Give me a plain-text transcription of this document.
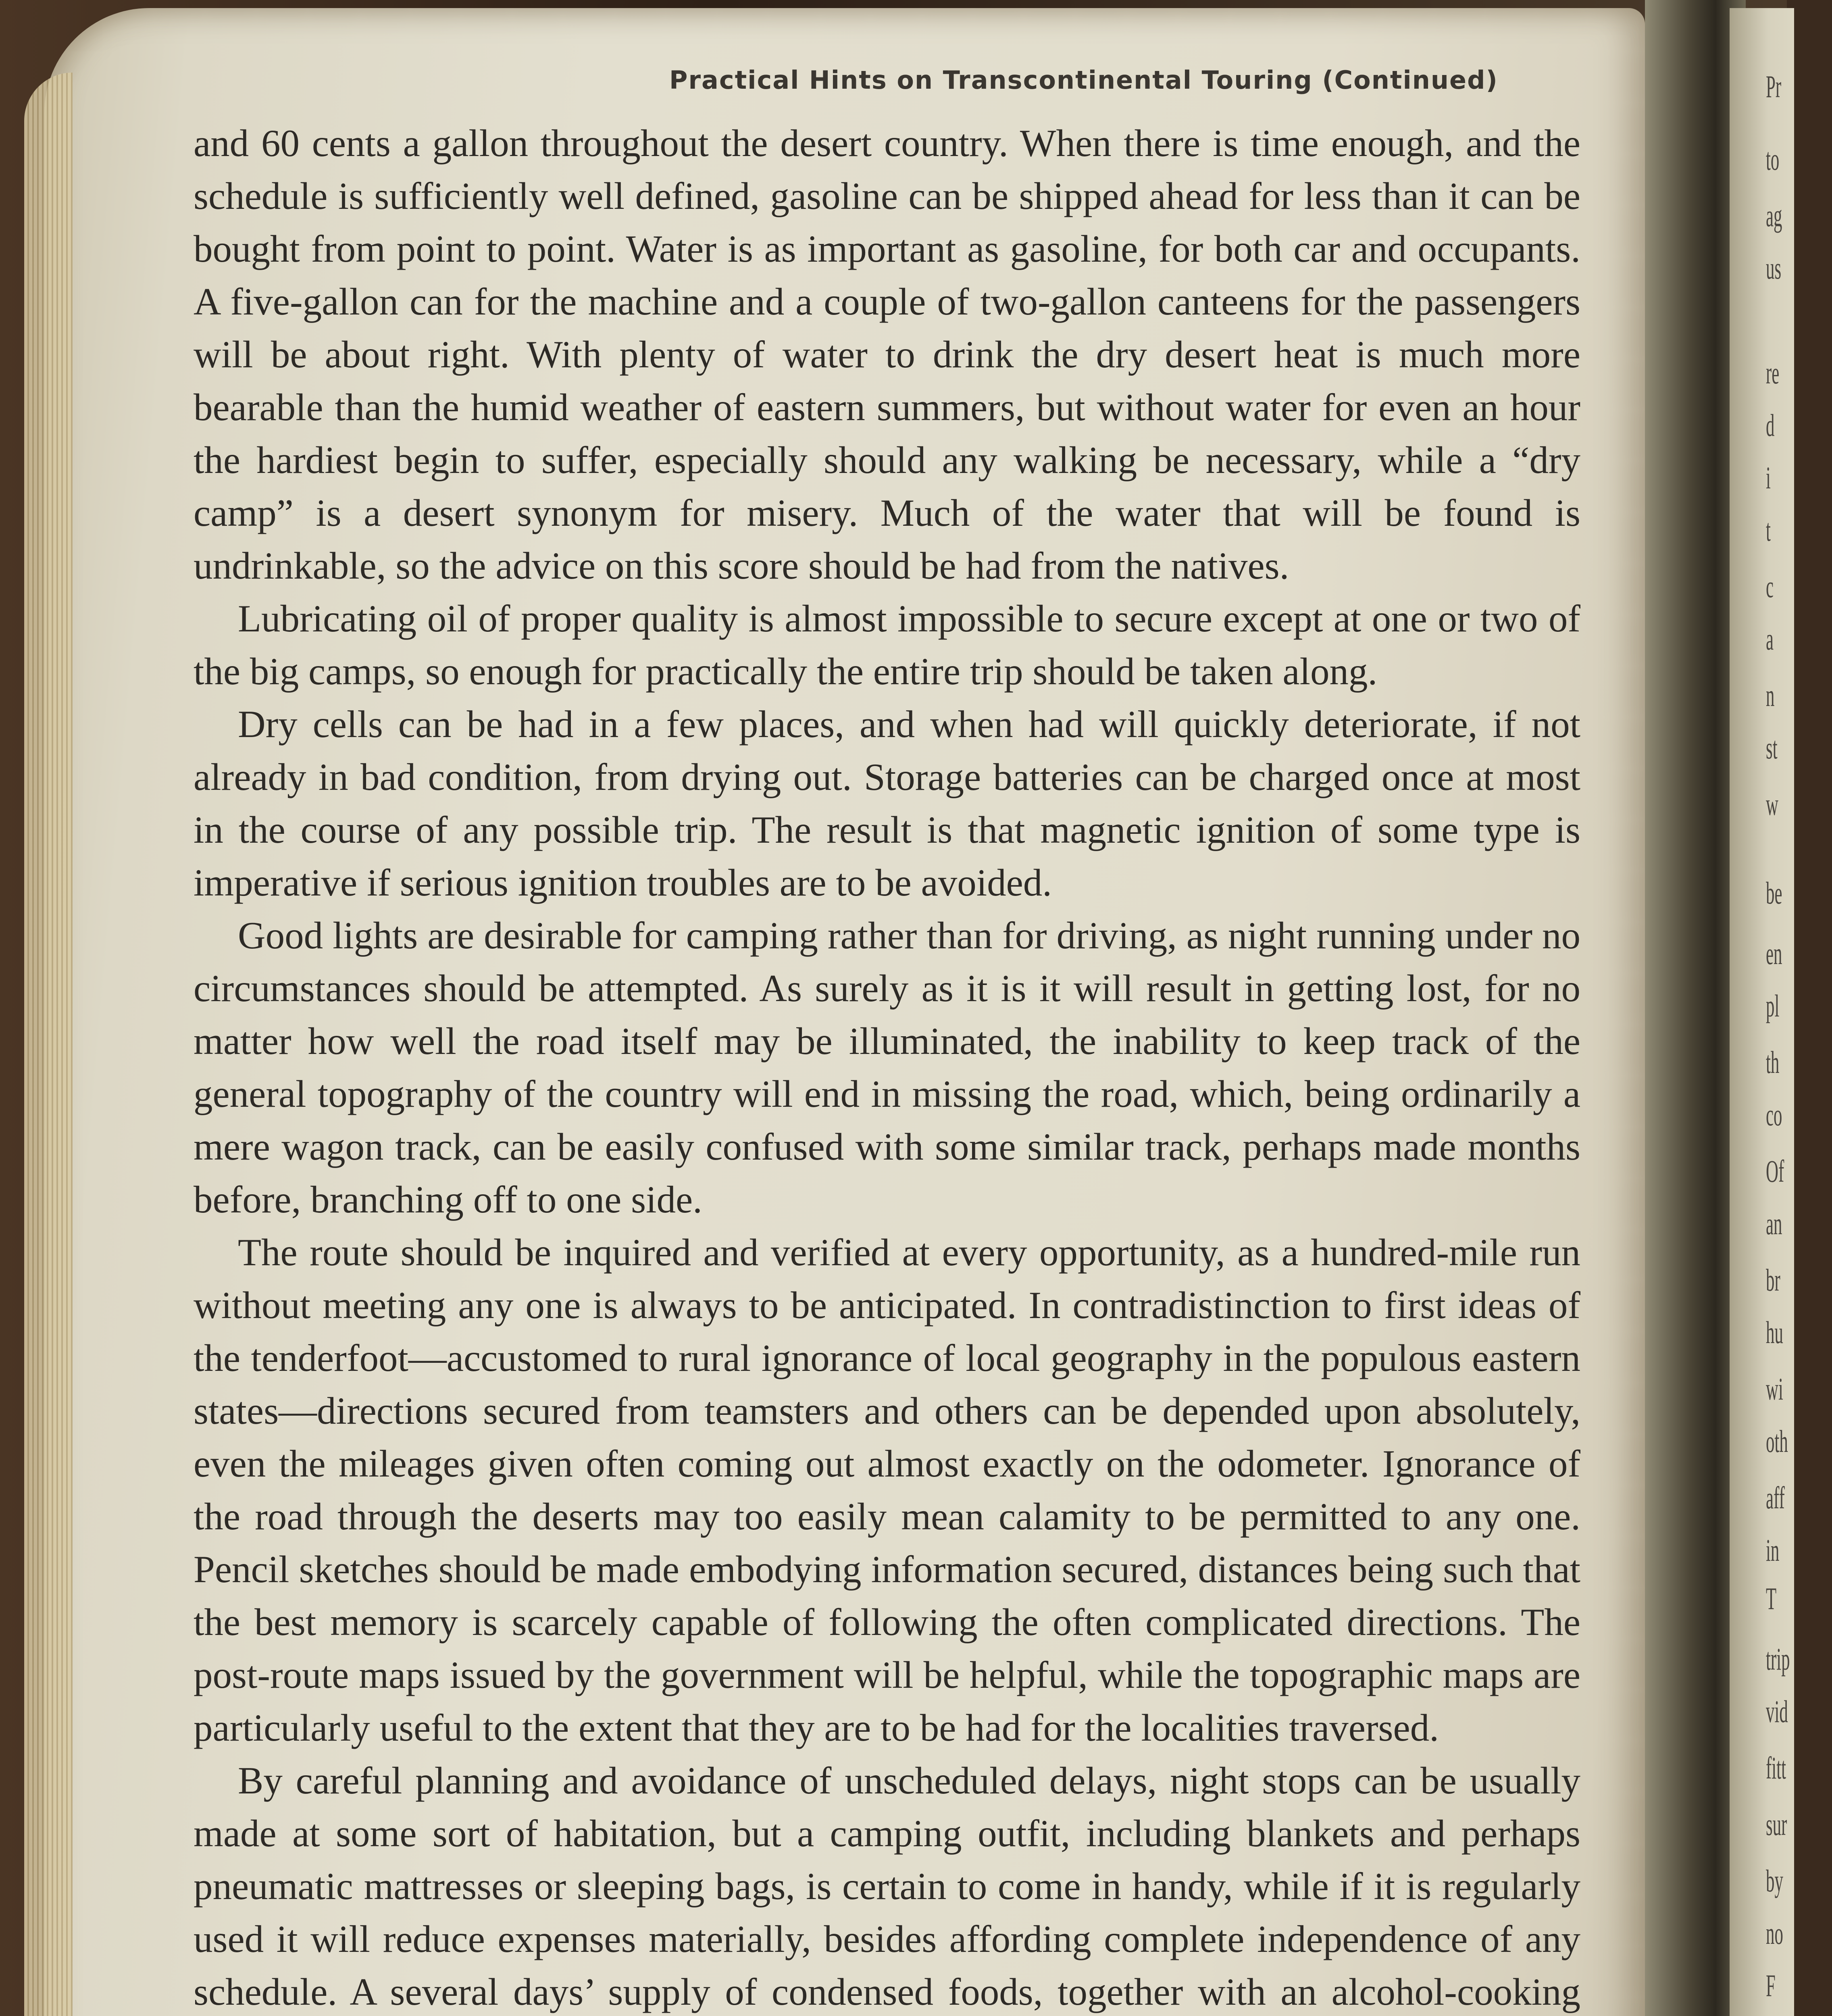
Pr
to
ag
us
re
d
i
t
c
a
n
st
w
be
en
pl
th
co
Of
an
br
hu
wi
oth
aff
in
T
trip
vid
fitt
sur
by
no
F
Practical Hints on Transcontinental Touring (Continued)

and 60 cents a gallon throughout the desert country. When there is time enough, and the schedule is sufficiently well defined, gasoline can be shipped ahead for less than it can be bought from point to point. Water is as important as gasoline, for both car and occupants. A five-gallon can for the machine and a couple of two-gallon canteens for the passengers will be about right. With plenty of water to drink the dry desert heat is much more bearable than the humid weather of eastern summers, but without water for even an hour the hardiest begin to suffer, especially should any walking be necessary, while a “dry camp” is a desert synonym for misery. Much of the water that will be found is undrinkable, so the advice on this score should be had from the natives.

Lubricating oil of proper quality is almost impossible to secure except at one or two of the big camps, so enough for practically the entire trip should be taken along.

Dry cells can be had in a few places, and when had will quickly deteriorate, if not already in bad condition, from drying out. Storage batteries can be charged once at most in the course of any possible trip. The result is that magnetic ignition of some type is imperative if serious ignition troubles are to be avoided.

Good lights are desirable for camping rather than for driving, as night running under no circumstances should be attempted. As surely as it is it will result in getting lost, for no matter how well the road itself may be illuminated, the inability to keep track of the general topography of the country will end in missing the road, which, being ordinarily a mere wagon track, can be easily confused with some similar track, perhaps made months before, branching off to one side.

The route should be inquired and verified at every opportunity, as a hundred-mile run without meeting any one is always to be anticipated. In contradistinction to first ideas of the tenderfoot—accustomed to rural ignorance of local geography in the populous eastern states—directions secured from teamsters and others can be depended upon absolutely, even the mileages given often coming out almost exactly on the odometer. Ignorance of the road through the deserts may too easily mean calamity to be permitted to any one. Pencil sketches should be made embodying information secured, distances being such that the best memory is scarcely capable of following the often complicated directions. The post-route maps issued by the government will be helpful, while the topographic maps are particularly useful to the extent that they are to be had for the localities traversed.

By careful planning and avoidance of unscheduled delays, night stops can be usually made at some sort of habitation, but a camping outfit, including blankets and perhaps pneumatic mattresses or sleeping bags, is certain to come in handy, while if it is regularly used it will reduce expenses materially, besides affording complete independence of any schedule. A several days’ supply of condensed foods, together with an alcohol-cooking
